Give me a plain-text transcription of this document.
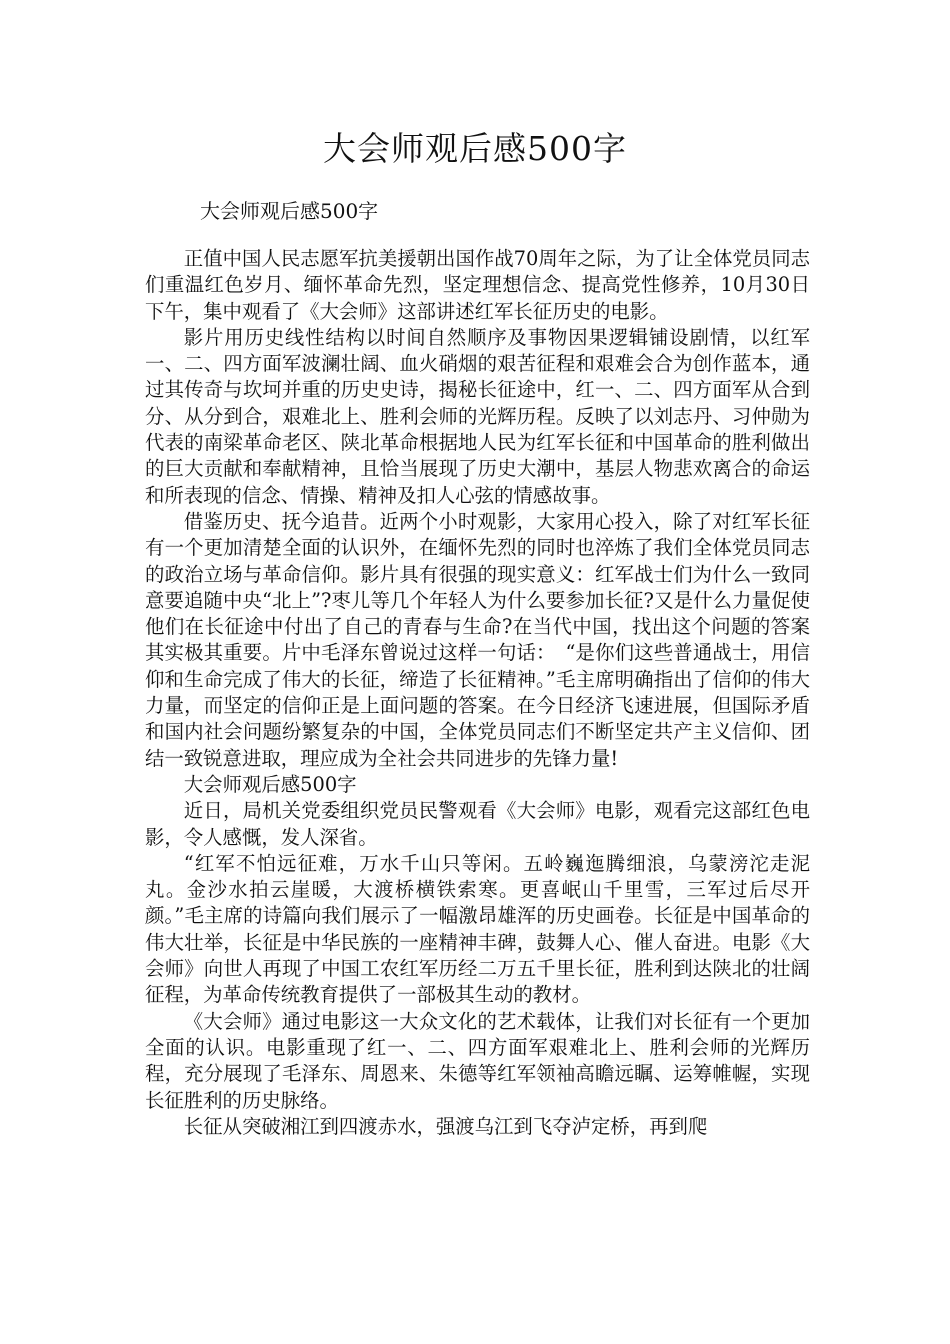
大会师观后感500字
大会师观后感500字

正值中国人民志愿军抗美援朝出国作战70周年之际，为了让全体党员同志们重温红色岁月、缅怀革命先烈，坚定理想信念、提高党性修养，10月30日下午，集中观看了《大会师》这部讲述红军长征历史的电影。

影片用历史线性结构以时间自然顺序及事物因果逻辑铺设剧情，以红军一、二、四方面军波澜壮阔、血火硝烟的艰苦征程和艰难会合为创作蓝本，通过其传奇与坎坷并重的历史史诗，揭秘长征途中，红一、二、四方面军从合到分、从分到合，艰难北上、胜利会师的光辉历程。反映了以刘志丹、习仲勋为代表的南梁革命老区、陕北革命根据地人民为红军长征和中国革命的胜利做出的巨大贡献和奉献精神，且恰当展现了历史大潮中，基层人物悲欢离合的命运和所表现的信念、情操、精神及扣人心弦的情感故事。

借鉴历史、抚今追昔。近两个小时观影，大家用心投入，除了对红军长征有一个更加清楚全面的认识外，在缅怀先烈的同时也淬炼了我们全体党员同志的政治立场与革命信仰。影片具有很强的现实意义：红军战士们为什么一致同意要追随中央“北上”?枣儿等几个年轻人为什么要参加长征?又是什么力量促使他们在长征途中付出了自己的青春与生命?在当代中国，找出这个问题的答案其实极其重要。片中毛泽东曾说过这样一句话：　“是你们这些普通战士，用信仰和生命完成了伟大的长征，缔造了长征精神。”毛主席明确指出了信仰的伟大力量，而坚定的信仰正是上面问题的答案。在今日经济飞速进展，但国际矛盾和国内社会问题纷繁复杂的中国，全体党员同志们不断坚定共产主义信仰、团结一致锐意进取，理应成为全社会共同进步的先锋力量!

大会师观后感500字

近日，局机关党委组织党员民警观看《大会师》电影，观看完这部红色电影，令人感慨，发人深省。

“红军不怕远征难，万水千山只等闲。五岭巍迤腾细浪，乌蒙滂沱走泥丸。金沙水拍云崖暖，大渡桥横铁索寒。更喜岷山千里雪，三军过后尽开颜。”毛主席的诗篇向我们展示了一幅激昂雄浑的历史画卷。长征是中国革命的伟大壮举，长征是中华民族的一座精神丰碑，鼓舞人心、催人奋进。电影《大会师》向世人再现了中国工农红军历经二万五千里长征，胜利到达陕北的壮阔征程，为革命传统教育提供了一部极其生动的教材。

《大会师》通过电影这一大众文化的艺术载体，让我们对长征有一个更加全面的认识。电影重现了红一、二、四方面军艰难北上、胜利会师的光辉历程，充分展现了毛泽东、周恩来、朱德等红军领袖高瞻远瞩、运筹帷幄，实现长征胜利的历史脉络。

长征从突破湘江到四渡赤水，强渡乌江到飞夺泸定桥，再到爬
